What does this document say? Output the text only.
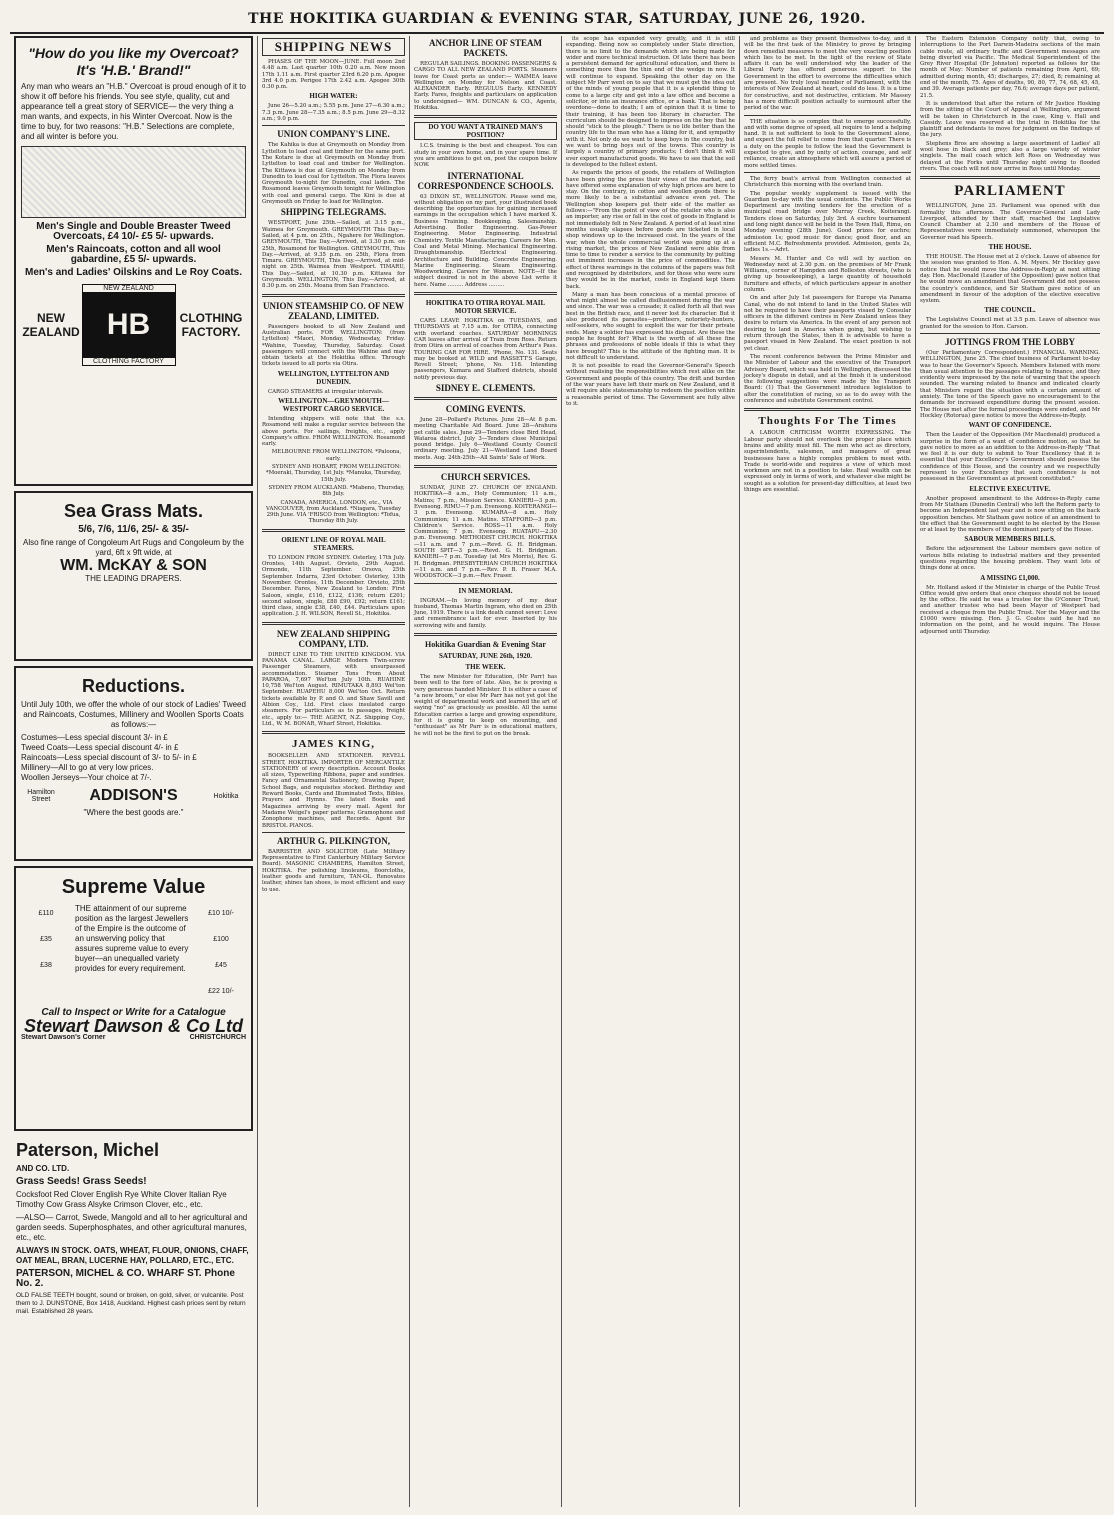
THE HOKITIKA GUARDIAN & EVENING STAR, SATURDAY, JUNE 26, 1920.
"How do you like my Overcoat? It's 'H.B.' Brand!"

Any man who wears an "H.B." Overcoat is proud enough of it to show it off before his friends. You see style, quality, cut and appearance tell a great story of SERVICE— the very thing a man wants, and expects, in his Winter Overcoat. Now is the time to buy, for two reasons: "H.B." Selections are complete, and all winter is before you.

Men's Single and Double Breaster Tweed Overcoats, £4 10/- £5 5/- upwards.

Men's Raincoats, cotton and all wool gabardine, £5 5/- upwards.

Men's and Ladies' Oilskins and Le Roy Coats.

NEW ZEALAND
NEW ZEALAND
HB
CLOTHING FACTORY
CLOTHING FACTORY.
Sea Grass Mats.

5/6, 7/6, 11/6, 25/- & 35/-

Also fine range of Congoleum Art Rugs and Congoleum by the yard, 6ft x 9ft wide, at

WM. McKAY & SON

THE LEADING DRAPERS.

Reductions.

Until July 10th, we offer the whole of our stock of Ladies' Tweed and Raincoats, Costumes, Millinery and Woollen Sports Coats as follows:—

Costumes—Less special discount 3/- in £
Tweed Coats—Less special discount 4/- in £
Raincoats—Less special discount of 3/- to 5/- in £
Millinery—All to go at very low prices.
Woollen Jerseys—Your choice at 7/-.
Hamilton Street	ADDISON'S	Hokitika

"Where the best goods are."

Supreme Value
£110
£35
£38

THE attainment of our supreme position as the largest Jewellers of the Empire is the outcome of an unswerving policy that assures supreme value to every buyer—an unequalled variety provides for every requirement.

£10 10/-
£100
£45
£22 10/-

Call to Inspect or Write for a Catalogue

Stewart Dawson & Co Ltd

Stewart Dawson's Corner	CHRISTCHURCH
Paterson, Michel

AND CO. LTD.

Grass Seeds! Grass Seeds!

Cocksfoot Red Clover English Rye White Clover Italian Rye Timothy Cow Grass Alsyke Crimson Clover, etc., etc.

—ALSO— Carrot, Swede, Mangold and all to her agricultural and garden seeds. Superphosphates, and other agricultural manures, etc., etc.

ALWAYS IN STOCK. OATS, WHEAT, FLOUR, ONIONS, CHAFF, OAT MEAL, BRAN, LUCERNE HAY, POLLARD, ETC., ETC.

PATERSON, MICHEL & CO. WHARF ST. Phone No. 2.

OLD FALSE TEETH bought, sound or broken, on gold, silver, or vulcanite. Post them to J. DUNSTONE, Box 1418, Auckland. Highest cash prices sent by return mail. Established 28 years.

SHIPPING NEWS

PHASES OF THE MOON—JUNE. Full moon 2nd 4.48 a.m. Last quarter 10th 0.20 a.m. New moon 17th 1.11 a.m. First quarter 23rd 6.20 p.m. Apogee 3rd 4.0 p.m. Perigee 17th 2.42 a.m. Apogee 30th 0.30 p.m.

HIGH WATER:

June 26—5.20 a.m.; 5.55 p.m. June 27—6.30 a.m.; 7.3 p.m. June 28—7.35 a.m.; 8.5 p.m. June 29—8.32 a.m.; 9.0 p.m.

UNION COMPANY'S LINE.

The Kahika is due at Greymouth on Monday from Lyttelton to load coal and timber for the same port. The Kotare is due at Greymouth on Monday from Lyttelton to load coal and timber for Wellington. The Kittawa is due at Greymouth on Monday from Dunedin to load coal for Lyttelton. The Flora leaves Greymouth to-night for Dunedin, coal laden. The Rosamond leaves Greymouth tonight for Wellington with coal and general cargo. The Kini is due at Greymouth on Friday to load for Wellington.

SHIPPING TELEGRAMS.

WESTPORT, June 25th.—Sailed, at 3.15 p.m., Waimea for Greymouth. GREYMOUTH This Day.—Sailed, at 4 p.m. on 25th., Ngahere for Wellington. GREYMOUTH, This Day.—Arrived, at 3.30 p.m. on 25th, Rosamond for Wellington. GREYMOUTH, This Day.—Arrived, at 9.35 p.m. on 25th, Flora from Timaru. GREYMOUTH, This Day.—Arrived, at mid-night on 25th. Waimea from Westport. TIMARU, This Day.—Sailed, at 10.30 p.m. Kittawa for Greymouth. WELLINGTON, This Day.—Arrived, at 8.30 p.m. on 25th. Moana from San Francisco.

UNION STEAMSHIP CO. OF NEW ZEALAND, LIMITED.

Passengers booked to all New Zealand and Australian ports. FOR WELLINGTON: (from Lyttelton) *Maori, Monday, Wednesday, Friday. *Wahine, Tuesday, Thursday, Saturday. Coast passengers will connect with the Wahine and may obtain tickets at the Hokitika office. Through tickets issued to all ports via Otira.

WELLINGTON, LYTTELTON AND DUNEDIN.

CARGO STEAMERS at irregular intervals.

WELLINGTON—GREYMOUTH—WESTPORT CARGO SERVICE.

Intending shippers will note that the s.s. Rosamond will make a regular service between the above ports. For sailings, freights, etc., apply Company's office. FROM WELLINGTON. Rosamond early.

MELBOURNE FROM WELLINGTON. *Paloona, early.

SYDNEY AND HOBART, FROM WELLINGTON: *Moeraki, Thursday, 1st July. *Manuka, Thursday, 15th July.

SYDNEY FROM AUCKLAND. *Mabeno, Thursday, 8th July.

CANADA, AMERICA, LONDON, etc., VIA VANCOUVER, from Auckland. *Niagara, Tuesday 29th June. VIA 'FRISCO from Wellington: *Tofua, Thursday 8th July.

ORIENT LINE OF ROYAL MAIL STEAMERS.

TO LONDON FROM SYDNEY. Osterley, 17th July. Orontes, 14th August. Orvieto, 29th August. Ormonde, 11th September. Orsova, 25th September. Indarra, 23rd October. Osterley, 13th November. Orontes, 11th December. Orvieto, 25th December. Fares, New Zealand to London: First Saloon, single, £116, £122, £136; return £201; second saloon, single, £88 £90, £92; return £161; third class, single £38, £40, £44. Particulars upon application. J. H. WILSON, Revell St., Hokitika.

NEW ZEALAND SHIPPING COMPANY, LTD.

DIRECT LINE TO THE UNITED KINGDOM. VIA PANAMA CANAL. LARGE Modern Twin-screw Passenger Steamers, with unsurpassed accommodation. Steamer Tons From About PAPAROA, 7,697 Wel'ton July 10th. RUAHINE 10,758 Wel'ton August. RIMUTAKA 8,893 Wel'ton September. RUAPEHU 8,000 Wel'ton Oct. Return tickets available by P. and O. and Shaw Savill and Albion Coy., Ltd. First class insulated cargo steamers. For particulars as to passages, freight etc., apply to:— THE AGENT, N.Z. Shipping Coy., Ltd., W. M. BONAR, Wharf Street, Hokitika.

JAMES KING,

BOOKSELLER AND STATIONER. REVELL STREET, HOKITIKA. IMPORTER OF MERCANTILE STATIONERY of every description. Account Books all sizes, Typewriting Ribbons, paper and sundries. Fancy and Ornamental Stationery, Drawing Paper, School Bags, and requisites stocked. Birthday and Reward Books, Cards and Illuminated Texts, Bibles, Prayers and Hymns. The latest Books and Magazines arriving by every mail. Agent for Madame Weigel's paper patterns; Gramophone and Zonophone machines, and Records. Agent for BRISTOL PIANOS.

ARTHUR G. PILKINGTON,

BARRISTER AND SOLICITOR (Late Military Representative to First Canterbury Military Service Board). MASONIC CHAMBERS, Hamilton Street, HOKITIKA. For polishing linoleums, floorcloths, leather goods and furniture, TAN-OL. Renovates leather, shines tan shoes, is most efficient and easy to use.

ANCHOR LINE OF STEAM PACKETS.

REGULAR SAILINGS. BOOKING PASSENGERS & CARGO TO ALL NEW ZEALAND PORTS. Steamers leave for Coast ports as under:— WAIMEA leave Wellington on Monday for Nelson and Coast. ALEXANDER Early. REGULUS Early. KENNEDY Early. Fares, freights and particulars on application to undersigned— WM. DUNCAN & CO., Agents, Hokitika.

DO YOU WANT A TRAINED MAN'S POSITION?

I.C.S. training is the best and cheapest. You can study in your own home, and in your spare time. If you are ambitious to get on, post the coupon below NOW.

INTERNATIONAL CORRESPONDENCE SCHOOLS.

63 DIXON ST., WELLINGTON. Please send me, without obligation on my part, your illustrated book describing the opportunities for gaining increased earnings in the occupation which I have marked X. Business Training. Bookkeeping. Salesmanship. Advertising. Boiler Engineering. Gas-Power Engineering. Motor Engineering. Industrial Chemistry. Textile Manufacturing. Careers for Men. Coal and Metal Mining. Mechanical Engineering. Draughtsmanship. Electrical Engineering. Architecture and Building. Concrete Engineering. Marine Engineering. Steam Engineering. Woodworking. Careers for Women. NOTE—If the subject desired is not in the above List write it here. Name ......... Address .........

HOKITIKA TO OTIRA ROYAL MAIL MOTOR SERVICE.

CARS LEAVE HOKITIKA on TUESDAYS, and THURSDAYS at 7.15 a.m. for OTIRA, connecting with overland coaches. SATURDAY MORNINGS CAR leaves after arrival of Train from Ross. Return from Otira on arrival of coaches from Arthur's Pass. TOURING CAR FOR HIRE. 'Phone, No. 131. Seats may be booked at WILD and RASSETT'S Garage, Revell Street; 'phone, No. 118. Intending passengers, Kumara and Stafford districts, should notify previous day.

SIDNEY E. CLEMENTS.
COMING EVENTS.

June 28—Pollard's Pictures. June 28—At 8 p.m. meeting Charitable Aid Board. June 28—Arahura pet cattle sales. June 29—Tenders close Bird Head, Wataroa district. July 3—Tenders close Municipal pound bridge. July 6—Westland County Council ordinary meeting. July 21—Westland Land Board meets. Aug. 24th-25th—All Saints' Sale of Work.

CHURCH SERVICES.

SUNDAY, JUNE 27. CHURCH OF ENGLAND. HOKITIKA—8 a.m., Holy Communion; 11 a.m., Matins; 7 p.m., Mission Service. KANIERI—3 p.m. Evensong. RIMU—7 p.m. Evensong. KOITERANGI—3 p.m. Evensong. KUMARA—8 a.m. Holy Communion; 11 a.m. Matins. STAFFORD—3 p.m. Children's Service. ROSS—11 a.m. Holy Communion; 7 p.m. Evensong. RUATAPU—2.30 p.m. Evensong. METHODIST CHURCH. HOKITIKA—11 a.m. and 7 p.m.—Revd. G. H. Bridgman. SOUTH SPIT—3 p.m.—Revd. G. H. Bridgman. KANIERI—7 p.m. Tuesday (at Mrs Morris), Rev. G. H. Bridgman. PRESBYTERIAN CHURCH HOKITIKA—11 a.m. and 7 p.m.—Rev. P. B. Fraser M.A. WOODSTOCK—3 p.m.—Rev. Fraser.

IN MEMORIAM.

INGRAM.—In loving memory of my dear husband, Thomas Martin Ingram, who died on 25th June, 1919. There is a link death cannot sever: Love and remembrance last for ever. Inserted by his sorrowing wife and family.

Hokitika Guardian & Evening Star
SATURDAY, JUNE 26th, 1920.
THE WEEK.

The new Minister for Education, (Mr Parr) has been well to the fore of late. Also, he is proving a very generous handed Minister. It is either a case of "a new broom," or else Mr Parr has not yet got the weight of departmental work and learned the art of saying "no" as graciously as possible. All the same Education carries a large and growing expenditure, for it is going to keep on mounting, and "enthusiast" as Mr Parr is in educational matters, he will not be the first to put on the break.

its scope has expanded very greatly, and it is still expanding. Being now so completely under State direction, there is no limit to the demands which are being made for wider and more technical instruction. Of late there has been a persistent demand for agricultural education, and there is something more than the thin end of the wedge in now. It will continue to expand. Speaking the other day on the subject Mr Parr went on to say that we must get the idea out of the minds of young people that it is a splendid thing to come to a large city and get into a law office and become a solicitor, or into an insurance office, or a bank. That is being overdone—done to death; I am of opinion that it is time to their training, it has been too literary in character. The curriculum should be designed to impress on the boy that he should "stick to the plough." There is no life better than the country life to the man who has a liking for it, and sympathy with it. Not only do we want to keep boys in the country, but we want to bring boys out of the towns. This country is largely a country of primary products; I don't think it will ever export manufactured goods. We have to see that the soil is developed to the fullest extent.

As regards the prices of goods, the retailers of Wellington have been giving the press their views of the market, and have offered some explanation of why high prices are here to stay. On the contrary, in cotton and woollen goods there is more likely to be a substantial advance even yet. The Wellington shop keepers put their side of the matter as follows:—"From the point of view of the retailer who is also an importer, any rise or fall in the cost of goods in England is not immediately felt in New Zealand. A period of at least nine months usually elapses before goods are ticketed in local shop windows up to the increased cost. In the years of the war, when the whole commercial world was going up at a rising market, the prices of New Zealand were able from time to time to render a service to the community by putting out imminent increases in the price of commodities. The effect of three warnings in the columns of the papers was felt and recognised by distributors, and for those who were sure they would be in the market, costs in England kept them back.

Many a man has been conscious of a mental process of what might almost be called disillusionment during the war and since. The war was a crusade; it called forth all that was best in the British race, and it never lost its character. But it also produced its parasites—profiteers, notoriety-hunters, self-seekers, who sought to exploit the war for their private ends. Many a soldier has expressed his disgust. Are these the people he fought for? What is the worth of all these fine phrases and professions of noble ideals if this is what they have brought? This is the attitude of the fighting man. It is not difficult to understand.

It is not possible to read the Governor-General's Speech without realising the responsibilities which rest alike on the Government and people of this country. The drift and burden of the war years have left their mark on New Zealand, and it will require able statesmanship to redeem the position within a reasonable period of time. The Government are fully alive to it.

and problems as they present themselves to-day, and it will be the first task of the Ministry to prove by bringing down remedial measures to meet the very exacting position which lies to be met. In the light of the review of State affairs it can be well understood why the leader of the Liberal Party has offered generous support to the Government in the effort to overcome the difficulties which are present. No truly loyal member of Parliament, with the interests of New Zealand at heart, could do less. It is a time for constructive, and not destructive, criticism. Mr Massey has a more difficult position actually to surmount after the period of the war.

THE situation is so complex that to emerge successfully, and with some degree of speed, all require to lend a helping hand. It is not sufficient to look to the Government alone, and expect the full relief to come from that quarter. There is a duty on the people to follow the lead the Government is expected to give, and by unity of action, courage, and self reliance, create an atmosphere which will assure a period of more settled times.

The ferry boat's arrival from Wellington connected at Christchurch this morning with the overland train.

The popular weekly supplement is issued with the Guardian to-day with the usual contents. The Public Works Department are inviting tenders for the erection of a municipal road bridge over Murray Creek, Koiterangi. Tenders close on Saturday, July 3rd. A euchre tournament and long night dance will be held in the Town Hall, Rimu, on Monday evening (28th June). Good prizes for euchre; admission 1s; good music for dance; good floor, and an efficient M.C. Refreshments provided. Admission, gents 2s, ladies 1s.—Advt.

Messrs M. Hunter and Co will sell by auction on Wednesday next at 2.30 p.m. on the premises of Mr Frank Williams, corner of Hampden and Rolleston streets, (who is giving up housekeeping), a large quantity of household furniture and effects, of which particulars appear in another column.

On and after July 1st passengers for Europe via Panama Canal, who do not intend to land in the United States will not be required to have their passports visaed by Consular officers in the different centres in New Zealand unless they desire to return via America. In the event of any person not desiring to land in America when going, but wishing to return through the States, then it is advisable to have a passport visaed in New Zealand. The exact position is not yet clear.

The recent conference between the Prime Minister and the Minister of Labour and the executive of the Transport Advisory Board, which was held in Wellington, discussed the jockey's dispute in detail, and at the finish it is understood the following suggestions were made by the Transport Board: (1) That the Government introduce legislation to alter the constitution of racing, so as to do away with the conference and substitute Government control.

Thoughts For The Times

A LABOUR CRITICISM WORTH EXPRESSING. The Labour party should not overlook the proper place which brains and ability must fill. The men who act as directors, superintendents, salesmen, and managers of great businesses have a highly complex problem to meet with. Trade is world-wide and requires a view of which most workmen are not in a position to take. Real wealth can be expressed only in terms of work, and whatever else might be sought as a solution for present-day difficulties, at least two things are essential.

The Eastern Extension Company notify that, owing to interruptions to the Port Darwin-Madeira sections of the main cable route, all ordinary traffic and Government messages are being diverted via Pacific. The Medical Superintendent of the Grey River Hospital (Dr Johnston) reported as follows for the month of May: Number of patients remaining from April, 69; admitted during month, 45; discharges, 27; died, 8; remaining at end of the month, 75. Ages of deaths, 90, 80, 77, 74, 68, 45, 45, and 39. Average patients per day, 76.6; average days per patient, 21.5.

It is understood that after the return of Mr Justice Hosking from the sitting of the Court of Appeal at Wellington, argument will be taken in Christchurch in the case, King v. Hall and Cassidy. Leave was reserved at the trial in Hokitika for the plaintiff and defendants to move for judgment on the findings of the jury.

Stephens Bros are showing a large assortment of Ladies' all wool hose in black and grey; also a large variety of winter singlets. The mail coach which left Ross on Wednesday was delayed at the Forks until Thursday night owing to flooded rivers. The coach will not now arrive in Ross until Monday.

PARLIAMENT

WELLINGTON, June 25. Parliament was opened with due formality this afternoon. The Governor-General and Lady Liverpool, attended by their staff, reached the Legislative Council Chamber at 2.30 and members of the House of Representatives were immediately summoned, whereupon the Governor read his Speech.

THE HOUSE.

THE HOUSE. The House met at 2 o'clock. Leave of absence for the session was granted to Hon. A. M. Myers. Mr Hockley gave notice that he would move the Address-in-Reply at next sitting day. Hon. MacDonald (Leader of the Opposition) gave notice that he would move an amendment that Government did not possess the country's confidence, and Sir Statham gave notice of an amendment in favour of the adoption of the elective executive system.

THE COUNCIL.

The Legislative Council met at 3.5 p.m. Leave of absence was granted for the session to Hon. Carson.

JOTTINGS FROM THE LOBBY

(Our Parliamentary Correspondent.) FINANCIAL WARNING. WELLINGTON, June 25. The chief business of Parliament to-day was to hear the Governor's Speech. Members listened with more than usual attention to the passages relating to finance, and they evidently were impressed by the note of warning that the speech sounded. The warning related to finance and indicated clearly that Ministers regard the situation with a certain amount of anxiety. The tone of the Speech gave no encouragement to the demands for increased expenditure during the present session. The House met after the formal proceedings were ended, and Mr Hockley (Rotorua) gave notice to move the Address-in-Reply.

WANT OF CONFIDENCE.

Then the Leader of the Opposition (Mr Macdonald) produced a surprise in the form of a want of confidence motion, so that he gave notice to move as an addition to the Address-in-Reply "That we feel it is our duty to submit to Your Excellency that it is essential that your Excellency's Government should possess the confidence of this House, and the country and we respectfully represent to your Excellency that such confidence is not possessed in the Government as at present constituted."

ELECTIVE EXECUTIVE.

Another proposed amendment to the Address-in-Reply came from Mr Statham (Dunedin Central) who left the Reform party to become an Independent last year and is now sitting on the back opposition benches. Mr Statham gave notice of an amendment to the effect that the Government ought to be elected by the House or at least by the members of the dominant party of the House.

SABOUR MEMBERS BILLS.

Before the adjournment the Labour members gave notice of various bills relating to industrial matters and they presented questions regarding the housing problem. They want lots of things done at once.

A MISSING £1,000.

Mr. Holland asked if the Minister in charge of the Public Trust Office would give orders that once cheques should not be issued by the office. He said he was a trustee for the O'Conner Trust, and another trustee who had been Mayor of Westport had received a cheque from the Public Trust. Nor the Mayor and the £1000 were missing. Hon. J. G. Coates said he had no information on the point, and he would inquire. The House adjourned until Thursday.
